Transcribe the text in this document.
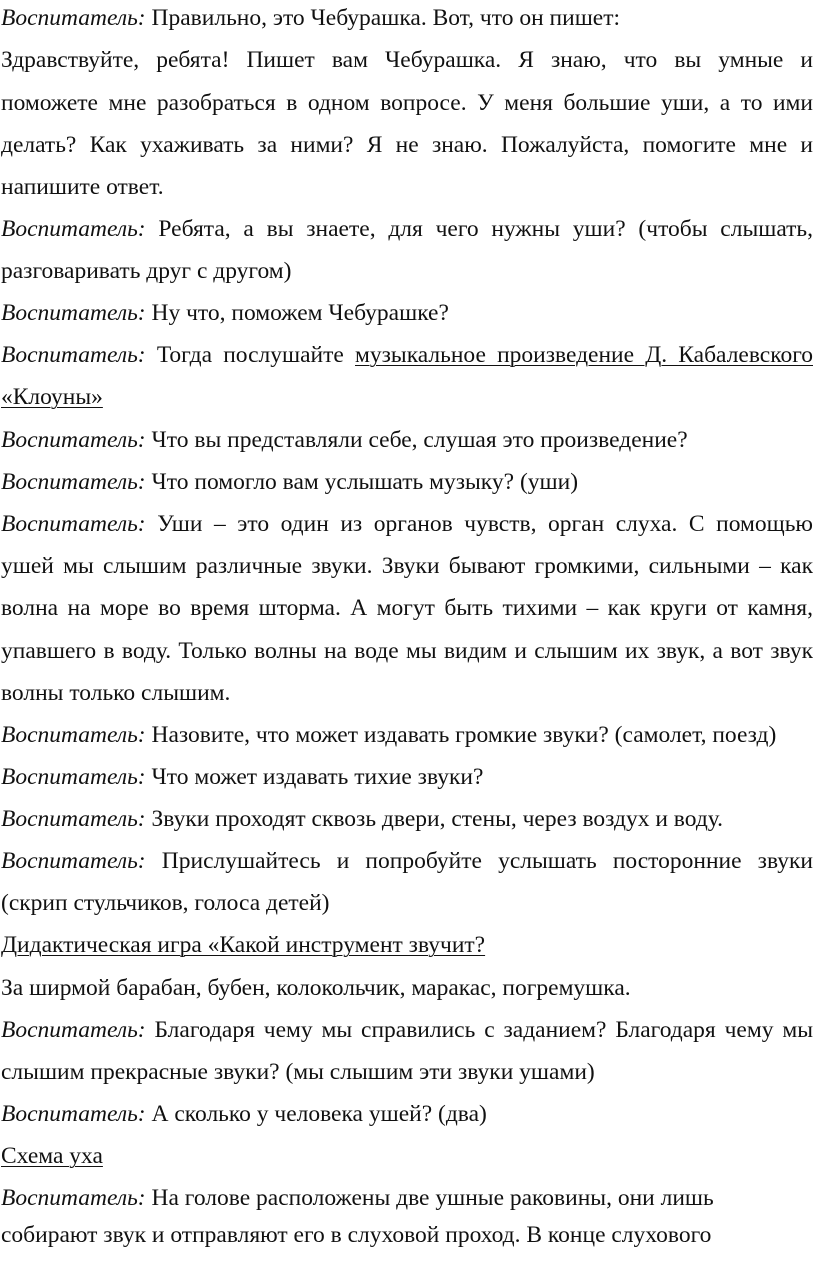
Воспитатель: Правильно, это Чебурашка. Вот, что он пишет:
Здравствуйте, ребята! Пишет вам Чебурашка. Я знаю, что вы умные и
поможете мне разобраться в одном вопросе. У меня большие уши, а то ими
делать? Как ухаживать за ними? Я не знаю. Пожалуйста, помогите мне и
напишите ответ.
Воспитатель: Ребята, а вы знаете, для чего нужны уши? (чтобы слышать,
разговаривать друг с другом)
Воспитатель: Ну что, поможем Чебурашке?
Воспитатель: Тогда послушайте музыкальное произведение Д. Кабалевского
«Клоуны»
Воспитатель: Что вы представляли себе, слушая это произведение?
Воспитатель: Что помогло вам услышать музыку? (уши)
Воспитатель: Уши – это один из органов чувств, орган слуха. С помощью
ушей мы слышим различные звуки. Звуки бывают громкими, сильными – как
волна на море во время шторма. А могут быть тихими – как круги от камня,
упавшего в воду. Только волны на воде мы видим и слышим их звук, а вот звук
волны только слышим.
Воспитатель: Назовите, что может издавать громкие звуки? (самолет, поезд)
Воспитатель: Что может издавать тихие звуки?
Воспитатель: Звуки проходят сквозь двери, стены, через воздух и воду.
Воспитатель: Прислушайтесь и попробуйте услышать посторонние звуки
(скрип стульчиков, голоса детей)
Дидактическая игра «Какой инструмент звучит?
За ширмой барабан, бубен, колокольчик, маракас, погремушка.
Воспитатель: Благодаря чему мы справились с заданием? Благодаря чему мы
слышим прекрасные звуки? (мы слышим эти звуки ушами)
Воспитатель: А сколько у человека ушей? (два)
Схема уха
Воспитатель: На голове расположены две ушные раковины, они лишь
собирают звук и отправляют его в слуховой проход. В конце слухового
